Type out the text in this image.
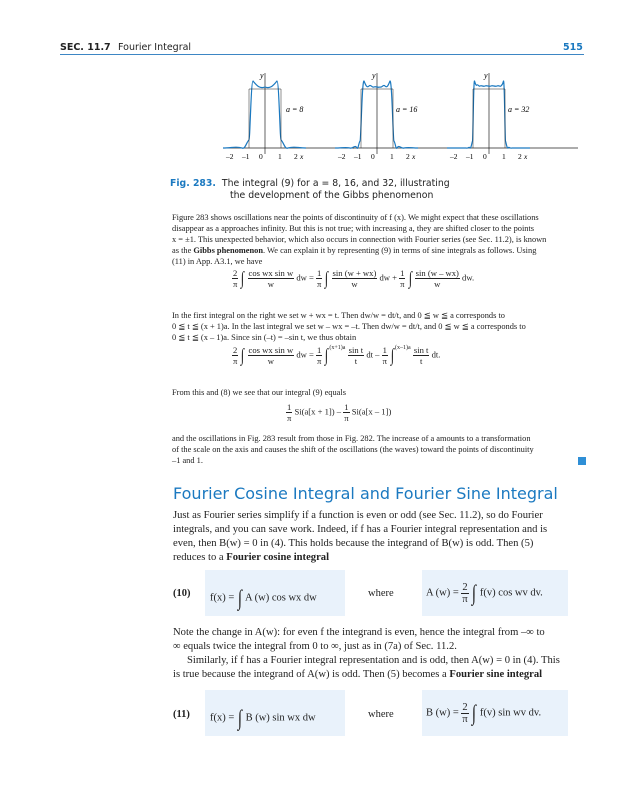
SEC. 11.7 Fourier Integral	515
y
a = 8
–2 –1 0 1 2 x
y
a = 16
–2 –1 0 1 2 x
y
a = 32
–2 –1 0 1 2 x
Fig. 283. The integral (9) for a = 8, 16, and 32, illustrating
the development of the Gibbs phenomenon
Figure 283 shows oscillations near the points of discontinuity of f (x). We might expect that these oscillations
disappear as a approaches infinity. But this is not true; with increasing a, they are shifted closer to the points
x = ±1. This unexpected behavior, which also occurs in connection with Fourier series (see Sec. 11.2), is known
as the Gibbs phenomenon. We can explain it by representing (9) in terms of sine integrals as follows. Using
(11) in App. A3.1, we have
$\frac{2}{\pi}$ ∫ $\frac{\text{cos wx sin w}}{w}$ dw = $\frac{1}{\pi}$ ∫ $\frac{\sin (w + wx)}{w}$ dw + $\frac{1}{\pi}$ ∫ $\frac{\sin (w - wx)}{w}$ dw.
In the first integral on the right we set w + wx = t. Then dw/w = dt/t, and 0 ≦ w ≦ a corresponds to
0 ≦ t ≦ (x + 1)a. In the last integral we set w – wx = –t. Then dw/w = dt/t, and 0 ≦ w ≦ a corresponds to
0 ≦ t ≦ (x – 1)a. Since sin (–t) = –sin t, we thus obtain
$\frac{2}{\pi}$ ∫ $\frac{\text{cos wx sin w}}{w}$ dw = $\frac{1}{\pi} \int^{(x+1)a} \frac{\text{sin t}}{t}$ dt – $\frac{1}{\pi} \int^{(x-1)a} \frac{\text{sin t}}{t}$ dt.
From this and (8) we see that our integral (9) equals
$\frac{1}{\pi} Si(a[x + 1]) - \frac{1}{\pi} Si(a[x - 1])$
and the oscillations in Fig. 283 result from those in Fig. 282. The increase of a amounts to a transformation
of the scale on the axis and causes the shift of the oscillations (the waves) toward the points of discontinuity
–1 and 1.
Fourier Cosine Integral and Fourier Sine Integral
Just as Fourier series simplify if a function is even or odd (see Sec. 11.2), so do Fourier
integrals, and you can save work. Indeed, if f has a Fourier integral representation and is
even, then B(w) = 0 in (4). This holds because the integrand of B(w) is odd. Then (5)
reduces to a Fourier cosine integral
(10) f(x) = ∫ A (w) cos wx dw	where	A $(w) = \frac{2}{\pi}$ ∫ f(v) cos wv dv.
Note the change in A(w): for even f the integrand is even, hence the integral from –∞ to
∞ equals twice the integral from 0 to ∞, just as in (7a) of Sec. 11.2.
Similarly, if f has a Fourier integral representation and is odd, then A(w) = 0 in (4). This
is true because the integrand of A(w) is odd. Then (5) becomes a Fourier sine integral
(11) f(x) = ∫ B (w) sin wx dw	where	B $(w) = \frac{2}{\pi}$ ∫ f(v) sin wv dv.
